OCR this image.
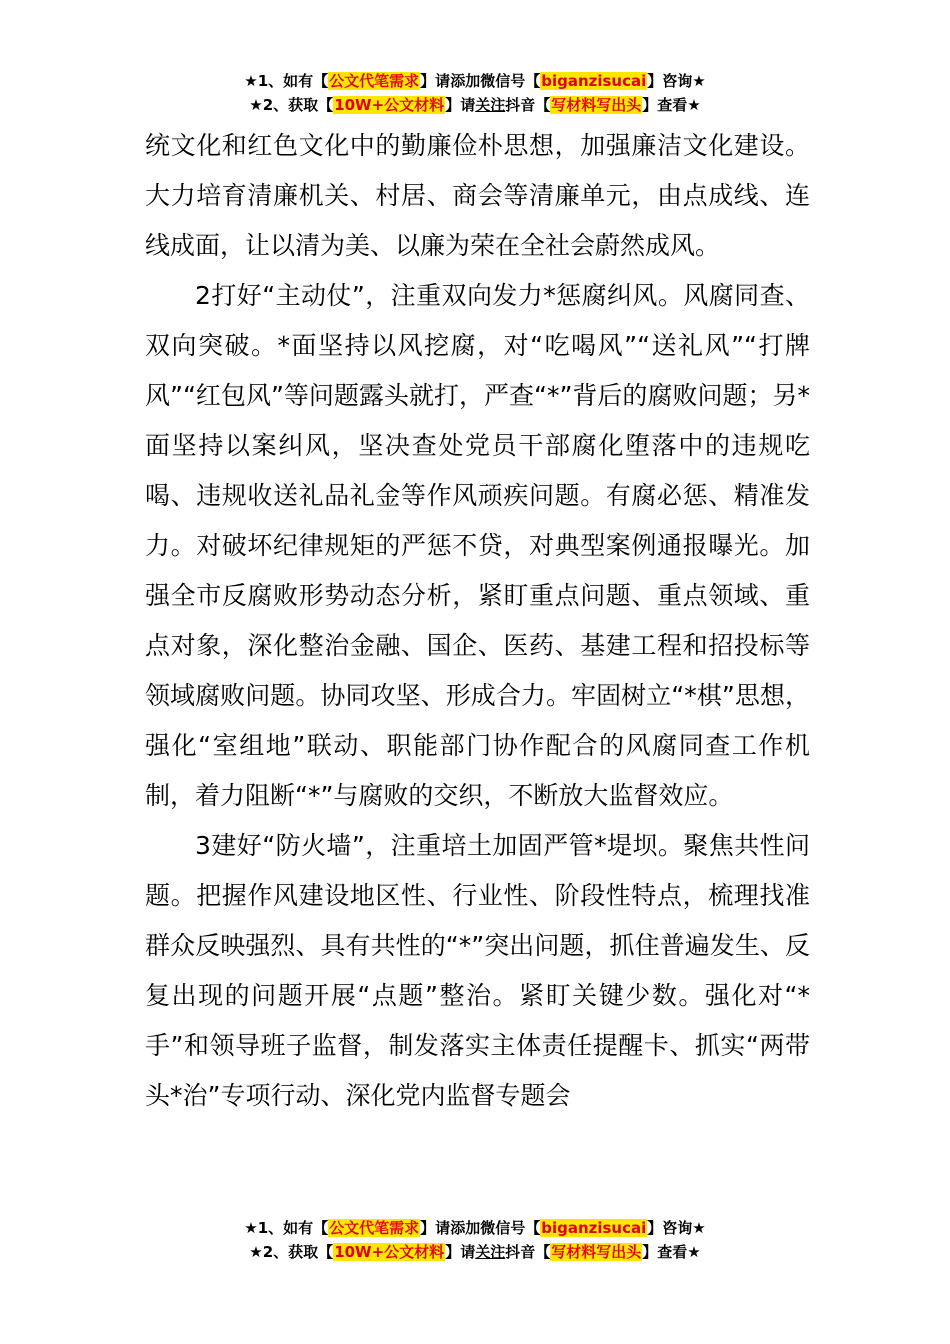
★1、如有【公文代笔需求】请添加微信号【biganzisucai】咨询★
★2、获取【10W+公文材料】请关注抖音【写材料写出头】查看★

统文化和红色文化中的勤廉俭朴思想，加强廉洁文化建设。大力培育清廉机关、村居、商会等清廉单元，由点成线、连线成面，让以清为美、以廉为荣在全社会蔚然成风。

2打好“主动仗”，注重双向发力*惩腐纠风。风腐同查、双向突破。*面坚持以风挖腐，对“吃喝风”“送礼风”“打牌风”“红包风”等问题露头就打，严查“*”背后的腐败问题；另*面坚持以案纠风，坚决查处党员干部腐化堕落中的违规吃喝、违规收送礼品礼金等作风顽疾问题。有腐必惩、精准发力。对破坏纪律规矩的严惩不贷，对典型案例通报曝光。加强全市反腐败形势动态分析，紧盯重点问题、重点领域、重点对象，深化整治金融、国企、医药、基建工程和招投标等领域腐败问题。协同攻坚、形成合力。牢固树立“*棋”思想，强化“室组地”联动、职能部门协作配合的风腐同查工作机制，着力阻断“*”与腐败的交织，不断放大监督效应。

3建好“防火墙”，注重培土加固严管*堤坝。聚焦共性问题。把握作风建设地区性、行业性、阶段性特点，梳理找准群众反映强烈、具有共性的“*”突出问题，抓住普遍发生、反复出现的问题开展“点题”整治。紧盯关键少数。强化对“*手”和领导班子监督，制发落实主体责任提醒卡、抓实“两带头*治”专项行动、深化党内监督专题会

★1、如有【公文代笔需求】请添加微信号【biganzisucai】咨询★
★2、获取【10W+公文材料】请关注抖音【写材料写出头】查看★
